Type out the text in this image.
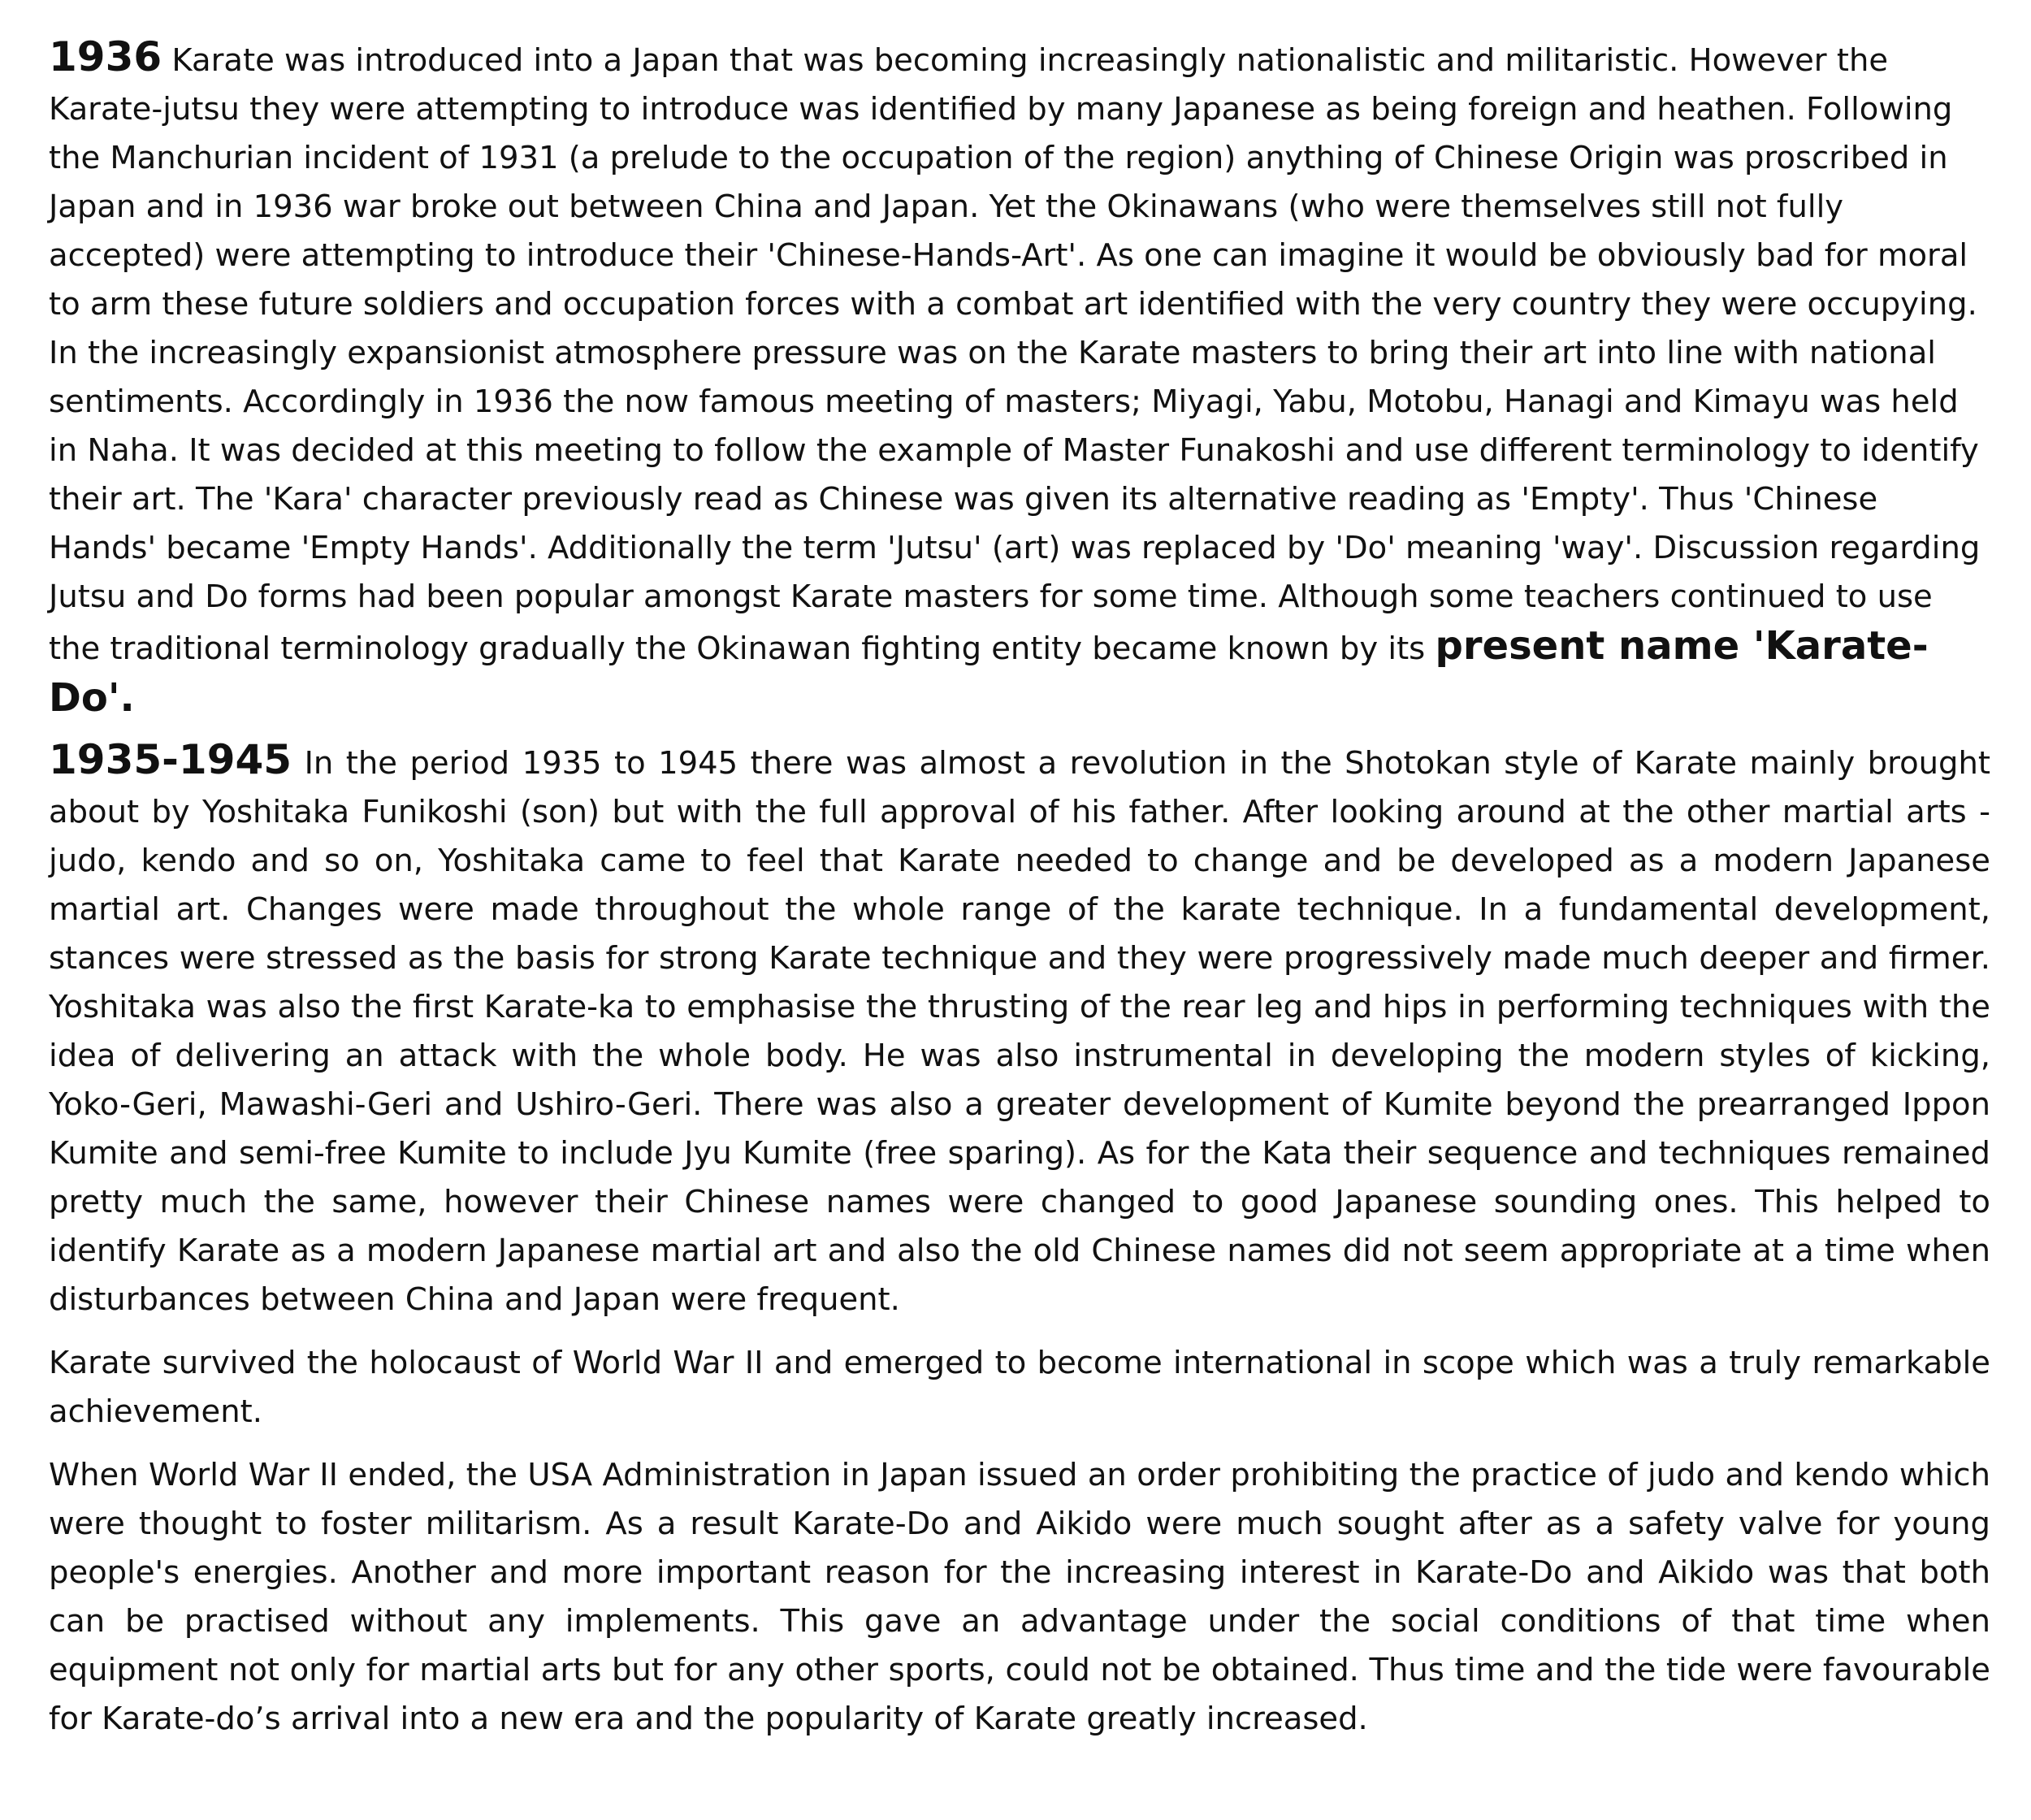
1936 Karate was introduced into a Japan that was becoming increasingly nationalistic and militaristic. However the Karate-jutsu they were attempting to introduce was identified by many Japanese as being foreign and heathen. Following the Manchurian incident of 1931 (a prelude to the occupation of the region) anything of Chinese Origin was proscribed in Japan and in 1936 war broke out between China and Japan. Yet the Okinawans (who were themselves still not fully accepted) were attempting to introduce their 'Chinese-Hands-Art'. As one can imagine it would be obviously bad for moral to arm these future soldiers and occupation forces with a combat art identified with the very country they were occupying. In the increasingly expansionist atmosphere pressure was on the Karate masters to bring their art into line with national sentiments. Accordingly in 1936 the now famous meeting of masters; Miyagi, Yabu, Motobu, Hanagi and Kimayu was held in Naha. It was decided at this meeting to follow the example of Master Funakoshi and use different terminology to identify their art. The 'Kara' character previously read as Chinese was given its alternative reading as 'Empty'. Thus 'Chinese Hands' became 'Empty Hands'. Additionally the term 'Jutsu' (art) was replaced by 'Do' meaning 'way'. Discussion regarding Jutsu and Do forms had been popular amongst Karate masters for some time. Although some teachers continued to use the traditional terminology gradually the Okinawan fighting entity became known by its present name 'Karate-Do'.

1935-1945 In the period 1935 to 1945 there was almost a revolution in the Shotokan style of Karate mainly brought about by Yoshitaka Funikoshi (son) but with the full approval of his father. After looking around at the other martial arts - judo, kendo and so on, Yoshitaka came to feel that Karate needed to change and be developed as a modern Japanese martial art. Changes were made throughout the whole range of the karate technique. In a fundamental development, stances were stressed as the basis for strong Karate technique and they were progressively made much deeper and firmer. Yoshitaka was also the first Karate-ka to emphasise the thrusting of the rear leg and hips in performing techniques with the idea of delivering an attack with the whole body. He was also instrumental in developing the modern styles of kicking, Yoko-Geri, Mawashi-Geri and Ushiro-Geri. There was also a greater development of Kumite beyond the prearranged Ippon Kumite and semi-free Kumite to include Jyu Kumite (free sparing). As for the Kata their sequence and techniques remained pretty much the same, however their Chinese names were changed to good Japanese sounding ones. This helped to identify Karate as a modern Japanese martial art and also the old Chinese names did not seem appropriate at a time when disturbances between China and Japan were frequent.

Karate survived the holocaust of World War II and emerged to become international in scope which was a truly remarkable achievement.

When World War II ended, the USA Administration in Japan issued an order prohibiting the practice of judo and kendo which were thought to foster militarism. As a result Karate-Do and Aikido were much sought after as a safety valve for young people's energies. Another and more important reason for the increasing interest in Karate-Do and Aikido was that both can be practised without any implements. This gave an advantage under the social conditions of that time when equipment not only for martial arts but for any other sports, could not be obtained. Thus time and the tide were favourable for Karate-do’s arrival into a new era and the popularity of Karate greatly increased.
